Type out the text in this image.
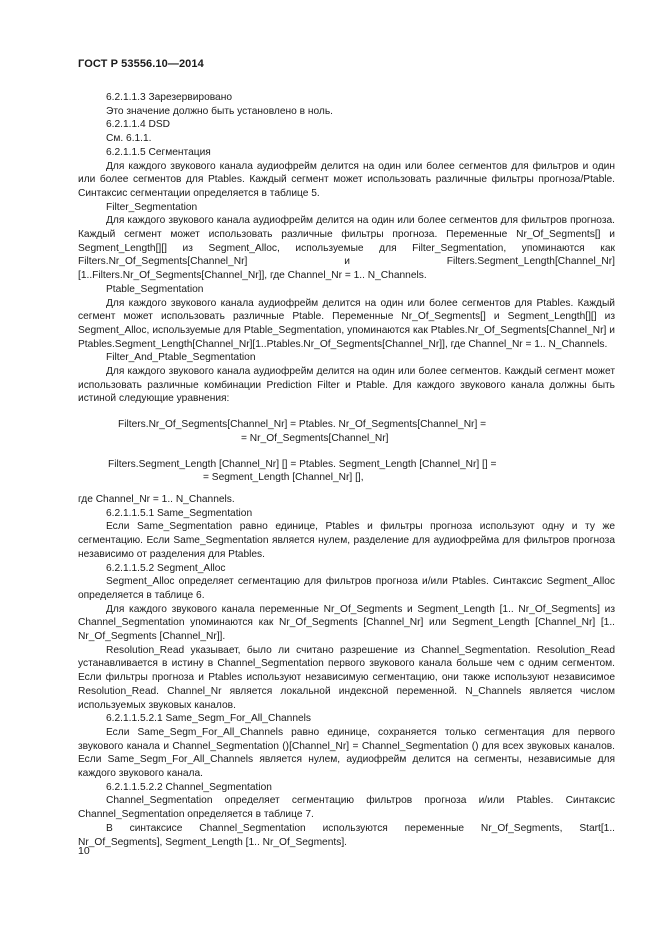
ГОСТ Р 53556.10—2014

6.2.1.1.3 Зарезервировано

Это значение должно быть установлено в ноль.

6.2.1.1.4 DSD

См. 6.1.1.

6.2.1.1.5 Сегментация

Для каждого звукового канала аудиофрейм делится на один или более сегментов для фильтров и один или более сегментов для Ptables. Каждый сегмент может использовать различные фильтры прогноза/Ptable. Синтаксис сегментации определяется в таблице 5.

Filter_Segmentation

Для каждого звукового канала аудиофрейм делится на один или более сегментов для фильтров прогноза. Каждый сегмент может использовать различные фильтры прогноза. Переменные Nr_Of_Segments[] и Segment_Length[][] из Segment_Alloc, используемые для Filter_Segmentation, упоминаются как Filters.Nr_Of_Segments[Channel_Nr] и Filters.Segment_Length[Channel_Nr][1..Filters.Nr_Of_Segments[Channel_Nr]], где Channel_Nr = 1.. N_Channels.

Ptable_Segmentation

Для каждого звукового канала аудиофрейм делится на один или более сегментов для Ptables. Каждый сегмент может использовать различные Ptable. Переменные Nr_Of_Segments[] и Segment_Length[][] из Segment_Alloc, используемые для Ptable_Segmentation, упоминаются как Ptables.Nr_Of_Segments[Channel_Nr] и Ptables.Segment_Length[Channel_Nr][1..Ptables.Nr_Of_Segments[Channel_Nr]], где Channel_Nr = 1.. N_Channels.

Filter_And_Ptable_Segmentation

Для каждого звукового канала аудиофрейм делится на один или более сегментов. Каждый сегмент может использовать различные комбинации Prediction Filter и Ptable. Для каждого звукового канала должны быть истиной следующие уравнения:

Filters.Nr_Of_Segments[Channel_Nr] = Ptables. Nr_Of_Segments[Channel_Nr] =
= Nr_Of_Segments[Channel_Nr]
Filters.Segment_Length [Channel_Nr] [] = Ptables. Segment_Length [Channel_Nr] [] =
= Segment_Length [Channel_Nr] [],

где Channel_Nr = 1.. N_Channels.

6.2.1.1.5.1 Same_Segmentation

Если Same_Segmentation равно единице, Ptables и фильтры прогноза используют одну и ту же сегментацию. Если Same_Segmentation является нулем, разделение для аудиофрейма для фильтров прогноза независимо от разделения для Ptables.

6.2.1.1.5.2 Segment_Alloc

Segment_Alloc определяет сегментацию для фильтров прогноза и/или Ptables. Синтаксис Segment_Alloc определяется в таблице 6.

Для каждого звукового канала переменные Nr_Of_Segments и Segment_Length [1.. Nr_Of_Segments] из Channel_Segmentation упоминаются как Nr_Of_Segments [Channel_Nr] или Segment_Length [Channel_Nr] [1.. Nr_Of_Segments [Channel_Nr]].

Resolution_Read указывает, было ли считано разрешение из Channel_Segmentation. Resolution_Read устанавливается в истину в Channel_Segmentation первого звукового канала больше чем с одним сегментом. Если фильтры прогноза и Ptables используют независимую сегментацию, они также используют независимое Resolution_Read. Channel_Nr является локальной индексной переменной. N_Channels является числом используемых звуковых каналов.

6.2.1.1.5.2.1 Same_Segm_For_All_Channels

Если Same_Segm_For_All_Channels равно единице, сохраняется только сегментация для первого звукового канала и Channel_Segmentation ()[Channel_Nr] = Channel_Segmentation () для всех звуковых каналов. Если Same_Segm_For_All_Channels является нулем, аудиофрейм делится на сегменты, независимые для каждого звукового канала.

6.2.1.1.5.2.2 Channel_Segmentation

Channel_Segmentation определяет сегментацию фильтров прогноза и/или Ptables. Синтаксис Channel_Segmentation определяется в таблице 7.

В синтаксисе Channel_Segmentation используются переменные Nr_Of_Segments, Start[1.. Nr_Of_Segments], Segment_Length [1.. Nr_Of_Segments].

10
